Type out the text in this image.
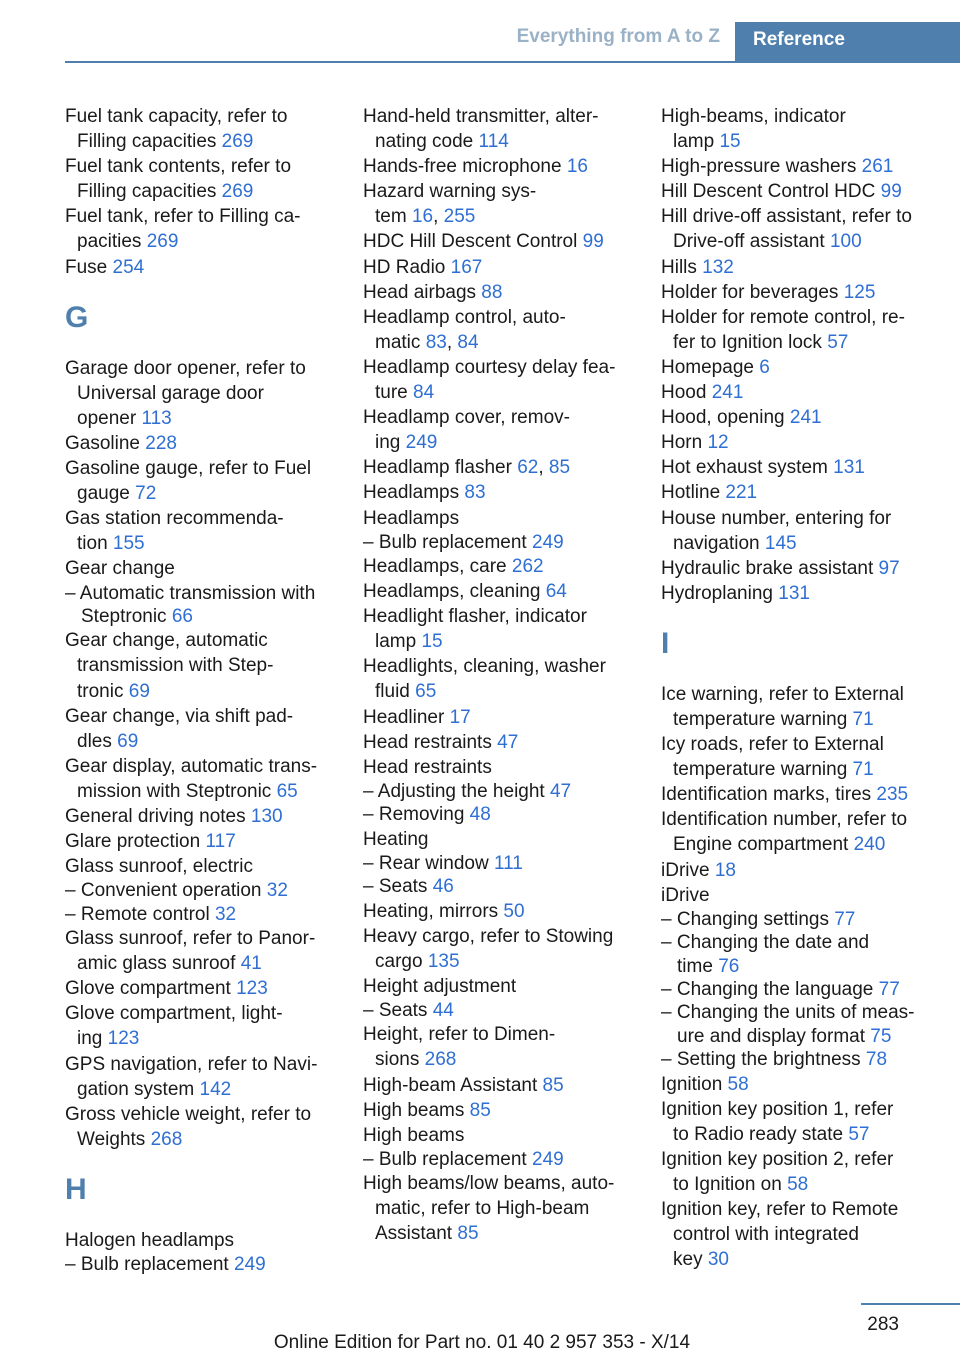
Everything from A to Z	Reference
Fuel tank capacity, refer to
Filling capacities 269
Fuel tank contents, refer to
Filling capacities 269
Fuel tank, refer to Filling ca-
pacities 269
Fuse 254
G
Garage door opener, refer to
Universal garage door
opener 113
Gasoline 228
Gasoline gauge, refer to Fuel
gauge 72
Gas station recommenda-
tion 155
Gear change
– Automatic transmission with
Steptronic 66
Gear change, automatic
transmission with Step-
tronic 69
Gear change, via shift pad-
dles 69
Gear display, automatic trans-
mission with Steptronic 65
General driving notes 130
Glare protection 117
Glass sunroof, electric
– Convenient operation 32
– Remote control 32
Glass sunroof, refer to Panor-
amic glass sunroof 41
Glove compartment 123
Glove compartment, light-
ing 123
GPS navigation, refer to Navi-
gation system 142
Gross vehicle weight, refer to
Weights 268
H
Halogen headlamps
– Bulb replacement 249
Hand-held transmitter, alter-
nating code 114
Hands-free microphone 16
Hazard warning sys-
tem 16, 255
HDC Hill Descent Control 99
HD Radio 167
Head airbags 88
Headlamp control, auto-
matic 83, 84
Headlamp courtesy delay fea-
ture 84
Headlamp cover, remov-
ing 249
Headlamp flasher 62, 85
Headlamps 83
Headlamps
– Bulb replacement 249
Headlamps, care 262
Headlamps, cleaning 64
Headlight flasher, indicator
lamp 15
Headlights, cleaning, washer
fluid 65
Headliner 17
Head restraints 47
Head restraints
– Adjusting the height 47
– Removing 48
Heating
– Rear window 111
– Seats 46
Heating, mirrors 50
Heavy cargo, refer to Stowing
cargo 135
Height adjustment
– Seats 44
Height, refer to Dimen-
sions 268
High-beam Assistant 85
High beams 85
High beams
– Bulb replacement 249
High beams/low beams, auto-
matic, refer to High-beam
Assistant 85
High-beams, indicator
lamp 15
High-pressure washers 261
Hill Descent Control HDC 99
Hill drive-off assistant, refer to
Drive-off assistant 100
Hills 132
Holder for beverages 125
Holder for remote control, re-
fer to Ignition lock 57
Homepage 6
Hood 241
Hood, opening 241
Horn 12
Hot exhaust system 131
Hotline 221
House number, entering for
navigation 145
Hydraulic brake assistant 97
Hydroplaning 131
I
Ice warning, refer to External
temperature warning 71
Icy roads, refer to External
temperature warning 71
Identification marks, tires 235
Identification number, refer to
Engine compartment 240
iDrive 18
iDrive
– Changing settings 77
– Changing the date and
time 76
– Changing the language 77
– Changing the units of meas-
ure and display format 75
– Setting the brightness 78
Ignition 58
Ignition key position 1, refer
to Radio ready state 57
Ignition key position 2, refer
to Ignition on 58
Ignition key, refer to Remote
control with integrated
key 30
283
Online Edition for Part no. 01 40 2 957 353 - X/14
